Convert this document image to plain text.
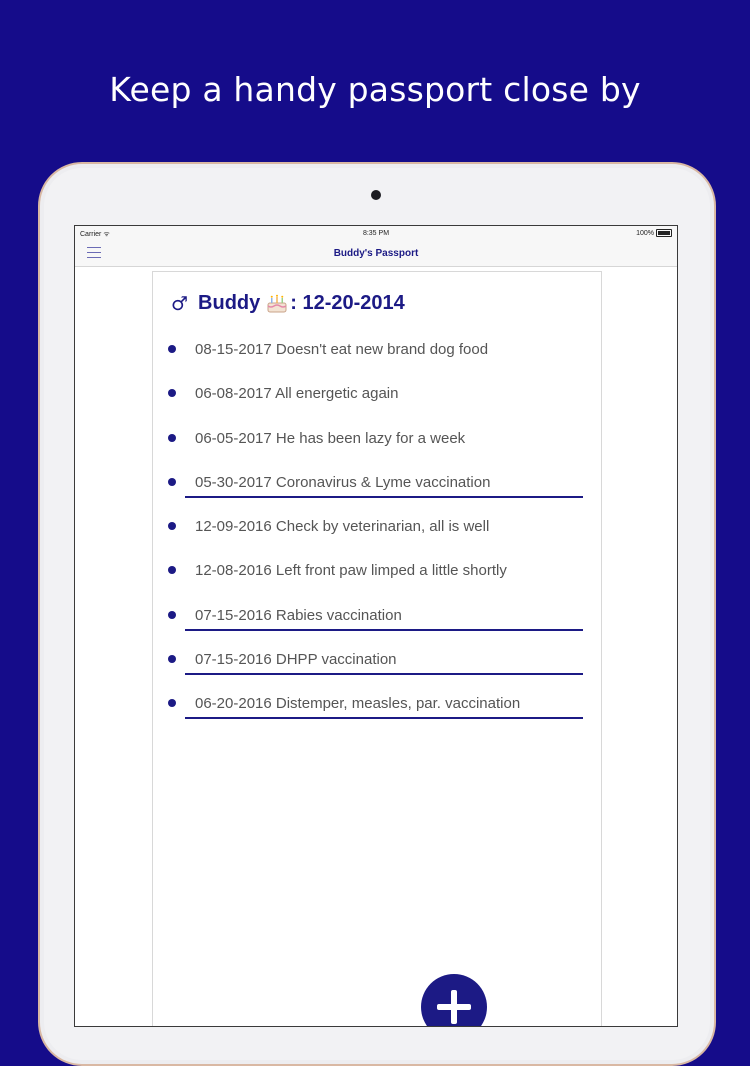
Keep a handy passport close by
Carrier ᯤ	8:35 PM	100%
Buddy's Passport
♂ Buddy : 12-20-2014
08-15-2017 Doesn't eat new brand dog food
06-08-2017 All energetic again
06-05-2017 He has been lazy for a week
05-30-2017 Coronavirus & Lyme vaccination
12-09-2016 Check by veterinarian, all is well
12-08-2016 Left front paw limped a little shortly
07-15-2016 Rabies vaccination
07-15-2016 DHPP vaccination
06-20-2016 Distemper, measles, par. vaccination
